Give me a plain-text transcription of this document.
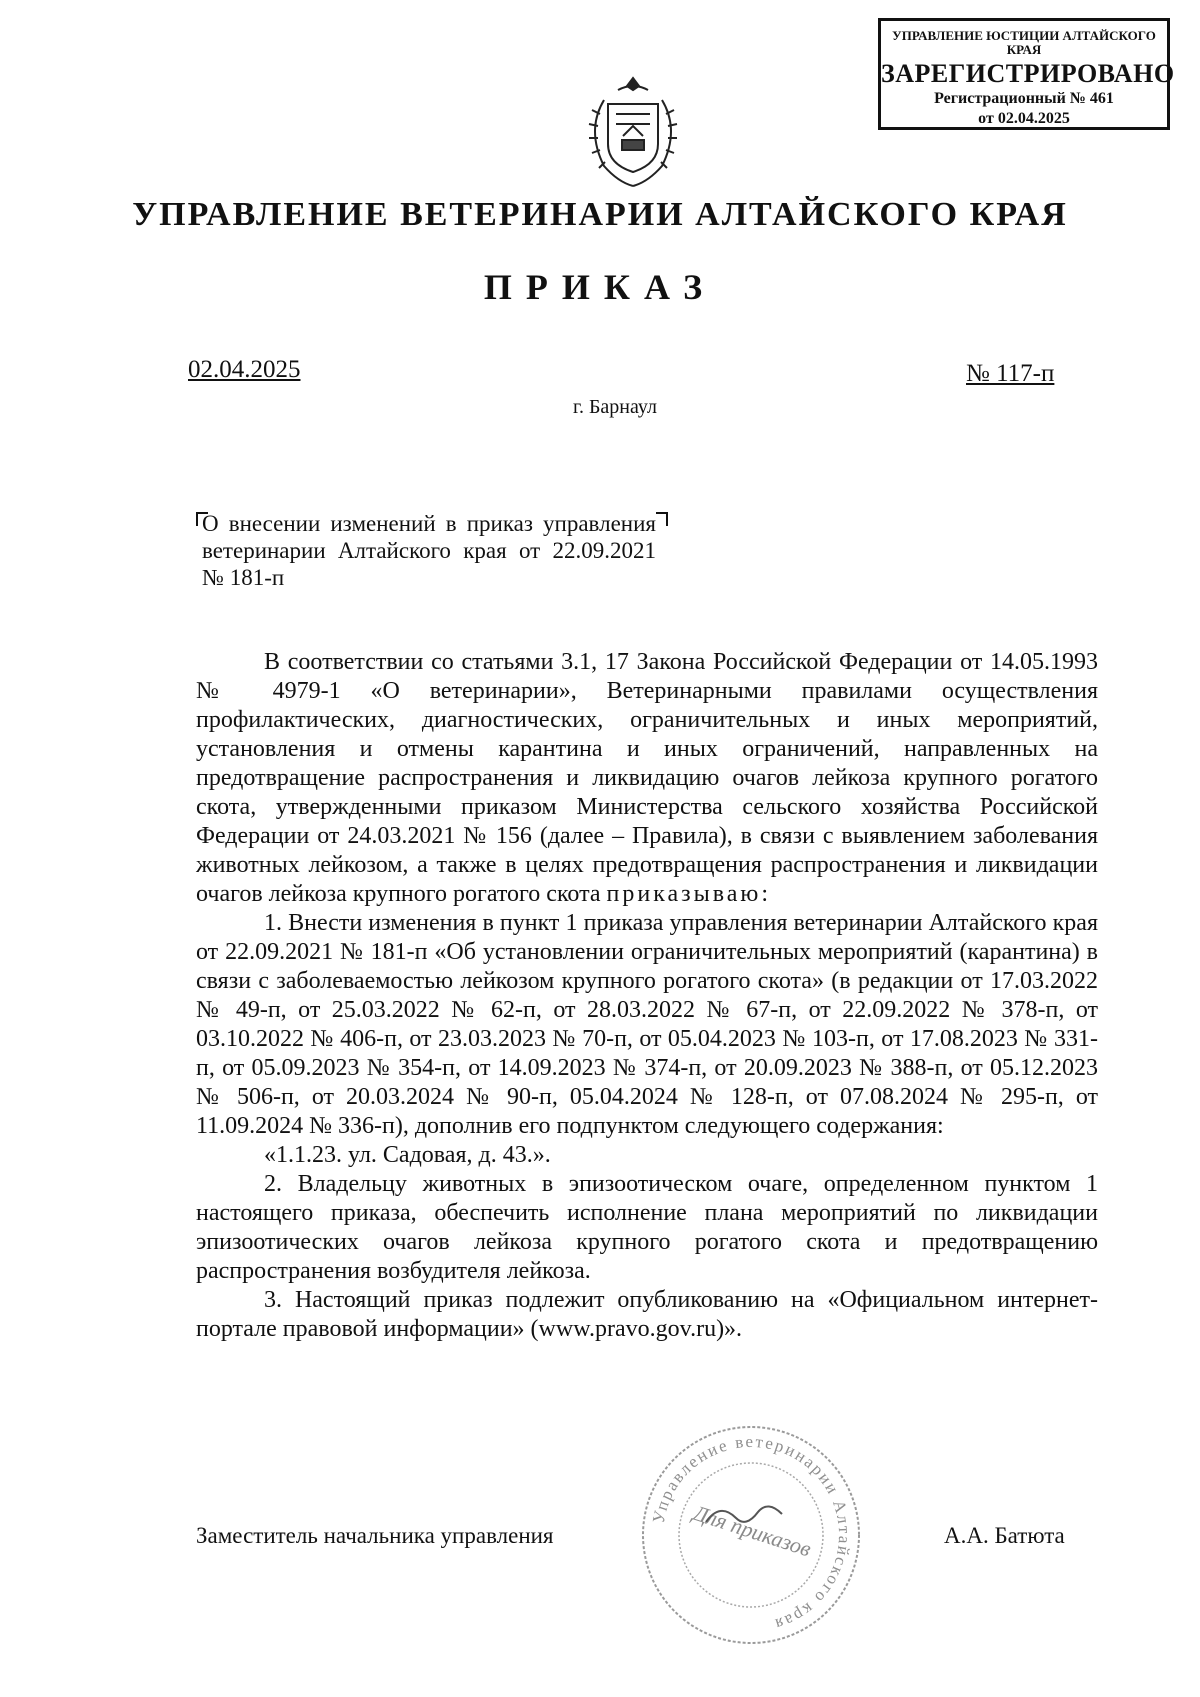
УПРАВЛЕНИЕ ЮСТИЦИИ АЛТАЙСКОГО КРАЯ
ЗАРЕГИСТРИРОВАНО
Регистрационный № 461
от 02.04.2025
УПРАВЛЕНИЕ ВЕТЕРИНАРИИ АЛТАЙСКОГО КРАЯ
ПРИКАЗ
02.04.2025	№ 117-п
г. Барнаул
О внесении изменений в приказ управления ветеринарии Алтайского края от 22.09.2021 № 181-п

В соответствии со статьями 3.1, 17 Закона Российской Федерации от 14.05.1993 № 4979-1 «О ветеринарии», Ветеринарными правилами осуществления профилактических, диагностических, ограничительных и иных мероприятий, установления и отмены карантина и иных ограничений, направленных на предотвращение распространения и ликвидацию очагов лейкоза крупного рогатого скота, утвержденными приказом Министерства сельского хозяйства Российской Федерации от 24.03.2021 № 156 (далее – Правила), в связи с выявлением заболевания животных лейкозом, а также в целях предотвращения распространения и ликвидации очагов лейкоза крупного рогатого скота приказываю:

1. Внести изменения в пункт 1 приказа управления ветеринарии Алтайского края от 22.09.2021 № 181-п «Об установлении ограничительных мероприятий (карантина) в связи с заболеваемостью лейкозом крупного рогатого скота» (в редакции от 17.03.2022 № 49-п, от 25.03.2022 № 62-п, от 28.03.2022 № 67-п, от 22.09.2022 № 378-п, от 03.10.2022 № 406-п, от 23.03.2023 № 70-п, от 05.04.2023 № 103-п, от 17.08.2023 № 331-п, от 05.09.2023 № 354-п, от 14.09.2023 № 374-п, от 20.09.2023 № 388-п, от 05.12.2023 № 506-п, от 20.03.2024 № 90-п, 05.04.2024 № 128-п, от 07.08.2024 № 295-п, от 11.09.2024 № 336-п), дополнив его подпунктом следующего содержания:

«1.1.23. ул. Садовая, д. 43.».

2. Владельцу животных в эпизоотическом очаге, определенном пунктом 1 настоящего приказа, обеспечить исполнение плана мероприятий по ликвидации эпизоотических очагов лейкоза крупного рогатого скота и предотвращению распространения возбудителя лейкоза.

3. Настоящий приказ подлежит опубликованию на «Официальном интернет-портале правовой информации» (www.pravo.gov.ru)».

Заместитель начальника управления	А.А. Батюта
Управление ветеринарии Алтайского края
Для приказов
